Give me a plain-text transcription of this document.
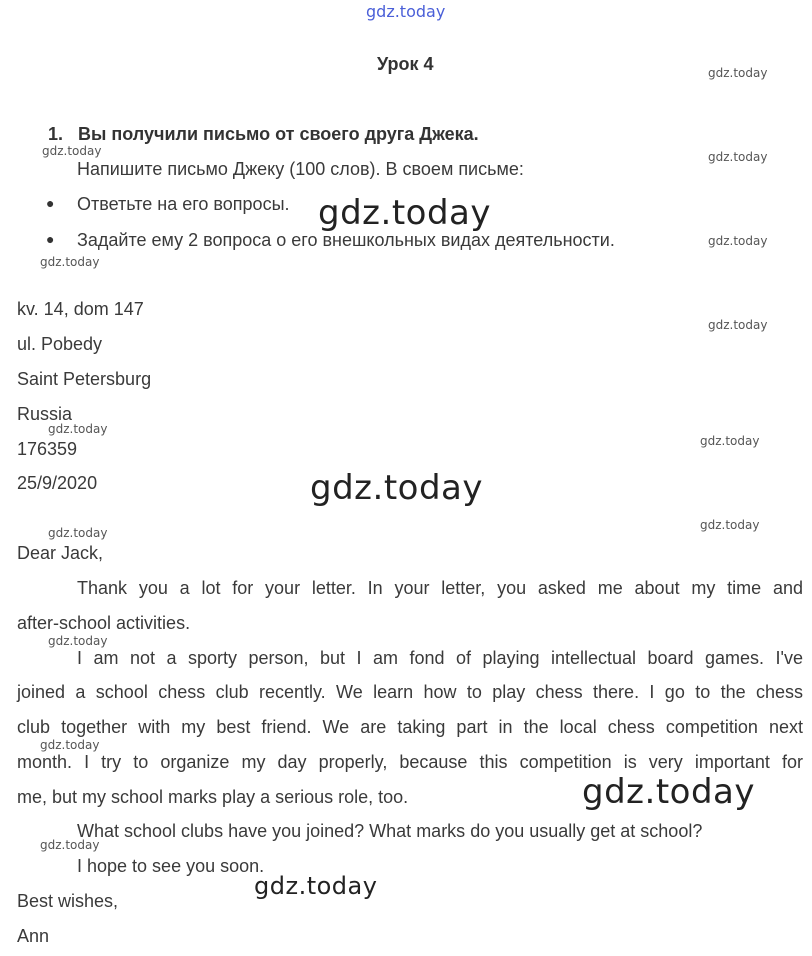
gdz.today
gdz.today
gdz.today	gdz.today
gdz.today
gdz.today
gdz.today
gdz.today
gdz.today
gdz.today
gdz.today
gdz.today
gdz.today
gdz.today
gdz.today
gdz.today
gdz.today
gdz.today
Урок 4
1. Вы получили письмо от своего друга Джека.
Напишите письмо Джеку (100 слов). В своем письме:
● Ответьте на его вопросы.
● Задайте ему 2 вопроса о его внешкольных видах деятельности.
kv. 14, dom 147
ul. Pobedy
Saint Petersburg
Russia
176359
25/9/2020
Dear Jack,
Thank you a lot for your letter. In your letter, you asked me about my time and
after-school activities.
I am not a sporty person, but I am fond of playing intellectual board games. I've
joined a school chess club recently. We learn how to play chess there. I go to the chess
club together with my best friend. We are taking part in the local chess competition next
month. I try to organize my day properly, because this competition is very important for
me, but my school marks play a serious role, too.
What school clubs have you joined? What marks do you usually get at school?
I hope to see you soon.
Best wishes,
Ann
